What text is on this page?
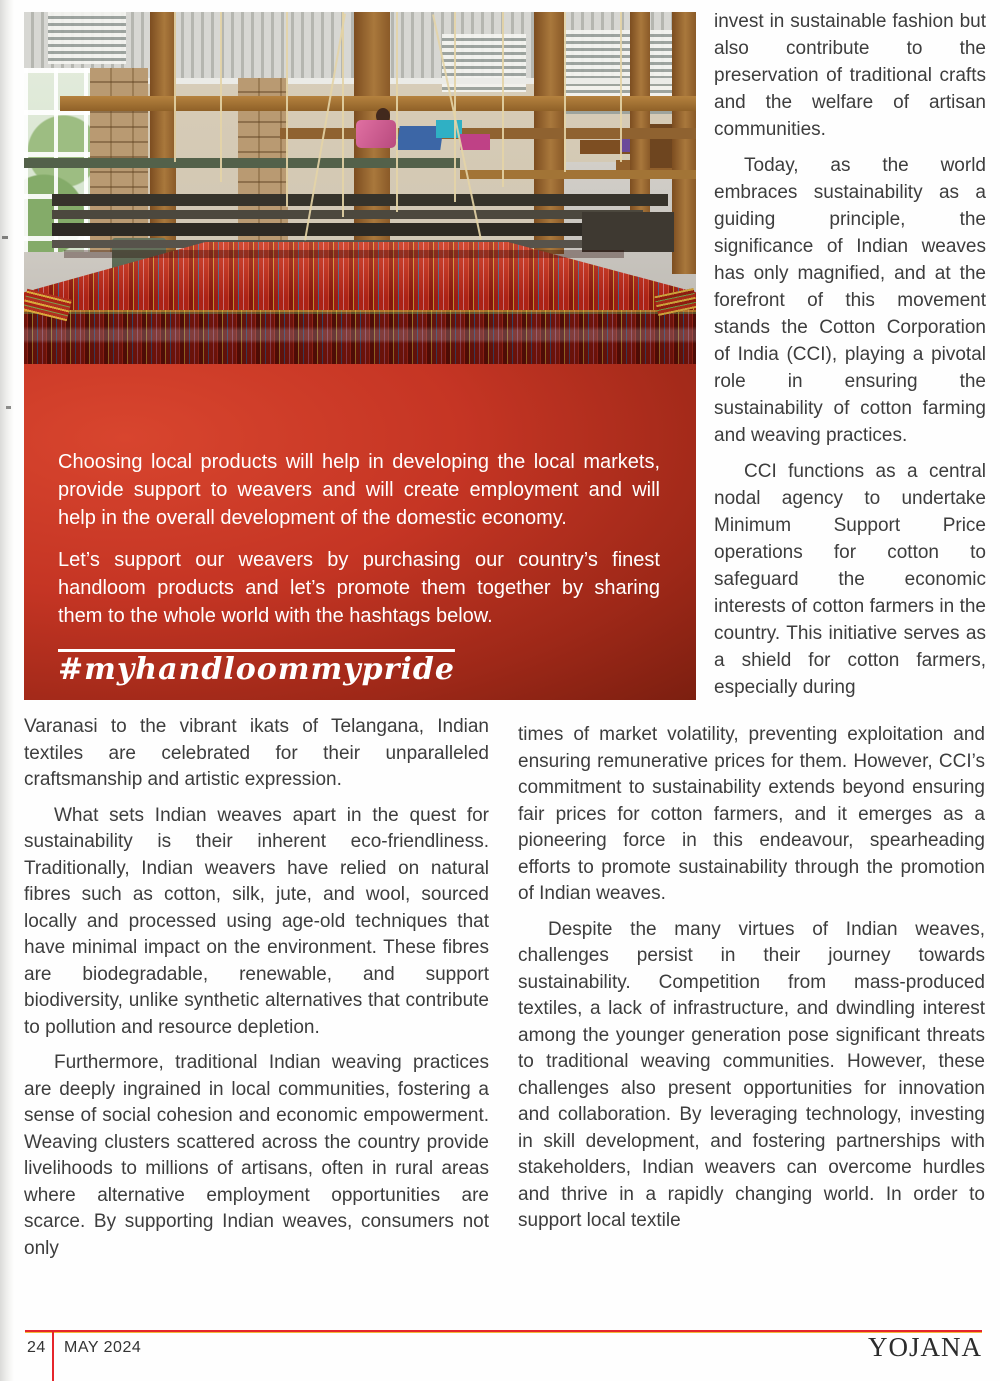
Choosing local products will help in developing the local markets, provide support to weavers and will create employment and will help in the overall development of the domestic economy.

Let’s support our weavers by purchasing our country’s finest handloom products and let’s promote them together by sharing them to the whole world with the hashtags below.

#myhandloommypride

invest in sustainable fashion but also contribute to the preservation of traditional crafts and the welfare of artisan communities.

Today, as the world embraces sustainability as a guiding principle, the significance of Indian weaves has only magnified, and at the forefront of this movement stands the Cotton Corporation of India (CCI), playing a pivotal role in ensuring the sustainability of cotton farming and weaving practices.

CCI functions as a central nodal agency to undertake Minimum Support Price operations for cotton to safeguard the economic interests of cotton farmers in the country. This initiative serves as a shield for cotton farmers, especially during

Varanasi to the vibrant ikats of Telangana, Indian textiles are celebrated for their unparalleled craftsmanship and artistic expression.

What sets Indian weaves apart in the quest for sustainability is their inherent eco-friendliness. Traditionally, Indian weavers have relied on natural fibres such as cotton, silk, jute, and wool, sourced locally and processed using age-old techniques that have minimal impact on the environment. These fibres are biodegradable, renewable, and support biodiversity, unlike synthetic alternatives that contribute to pollution and resource depletion.

Furthermore, traditional Indian weaving practices are deeply ingrained in local communities, fostering a sense of social cohesion and economic empowerment. Weaving clusters scattered across the country provide livelihoods to millions of artisans, often in rural areas where alternative employment opportunities are scarce. By supporting Indian weaves, consumers not only

times of market volatility, preventing exploitation and ensuring remunerative prices for them. However, CCI’s commitment to sustainability extends beyond ensuring fair prices for cotton farmers, and it emerges as a pioneering force in this endeavour, spearheading efforts to promote sustainability through the promotion of Indian weaves.

Despite the many virtues of Indian weaves, challenges persist in their journey towards sustainability. Competition from mass-produced textiles, a lack of infrastructure, and dwindling interest among the younger generation pose significant threats to traditional weaving communities. However, these challenges also present opportunities for innovation and collaboration. By leveraging technology, investing in skill development, and fostering partnerships with stakeholders, Indian weavers can overcome hurdles and thrive in a rapidly changing world. In order to support local textile

24 MAY 2024	YOJANA
